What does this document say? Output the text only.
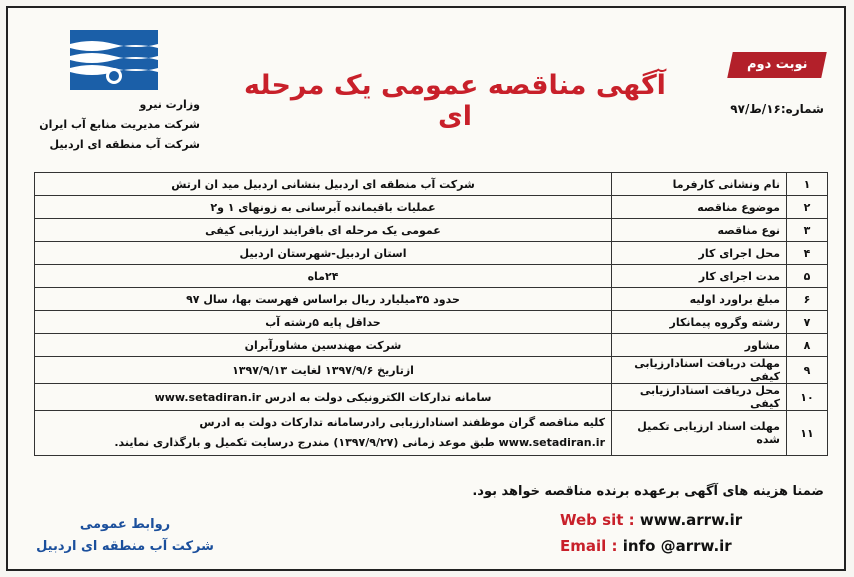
وزارت نیرو
شرکت مدیریت منابع آب ایران
شرکت آب منطقه ای اردبیل
نوبت دوم
آگهی مناقصه عمومی یک مرحله ای	شماره:۱۶/ط/۹۷
۱	نام ونشانی کارفرما	شرکت آب منطقه ای اردبیل بنشانی اردبیل مید ان ارتش
۲	موضوع مناقصه	عملیات باقیمانده آبرسانی به زونهای ۱ و۲
۳	نوع مناقصه	عمومی یک مرحله ای بافرایند ارزیابی کیفی
۴	محل اجرای کار	استان اردبیل-شهرستان اردبیل
۵	مدت اجرای کار	۲۴ماه
۶	مبلغ براورد اولیه	حدود ۳۵میلیارد ریال براساس فهرست بها، سال ۹۷
۷	رشته وگروه پیمانکار	حداقل پایه ۵رشته آب
۸	مشاور	شرکت مهندسین مشاورآبران
۹	مهلت دریافت اسنادارزیابی کیفی	ازتاریخ ۱۳۹۷/۹/۶ لغایت ۱۳۹۷/۹/۱۳
۱۰	محل دریافت اسنادارزیابی کیفی	سامانه تدارکات الکترونیکی دولت به ادرس www.setadiran.ir
۱۱	مهلت اسناد ارزیابی تکمیل شده	کلیه مناقصه گران موظفند اسنادارزیابی رادرسامانه تدارکات دولت به ادرس
www.setadiran.ir طبق موعد زمانی (۱۳۹۷/۹/۲۷) مندرج درسایت تکمیل و بارگذاری نمایند.
ضمنا هزینه های آگهی برعهده برنده مناقصه خواهد بود.
Web sit : www.arrw.ir
Email : info @arrw.ir
روابط عمومی
شرکت آب منطقه ای اردبیل
